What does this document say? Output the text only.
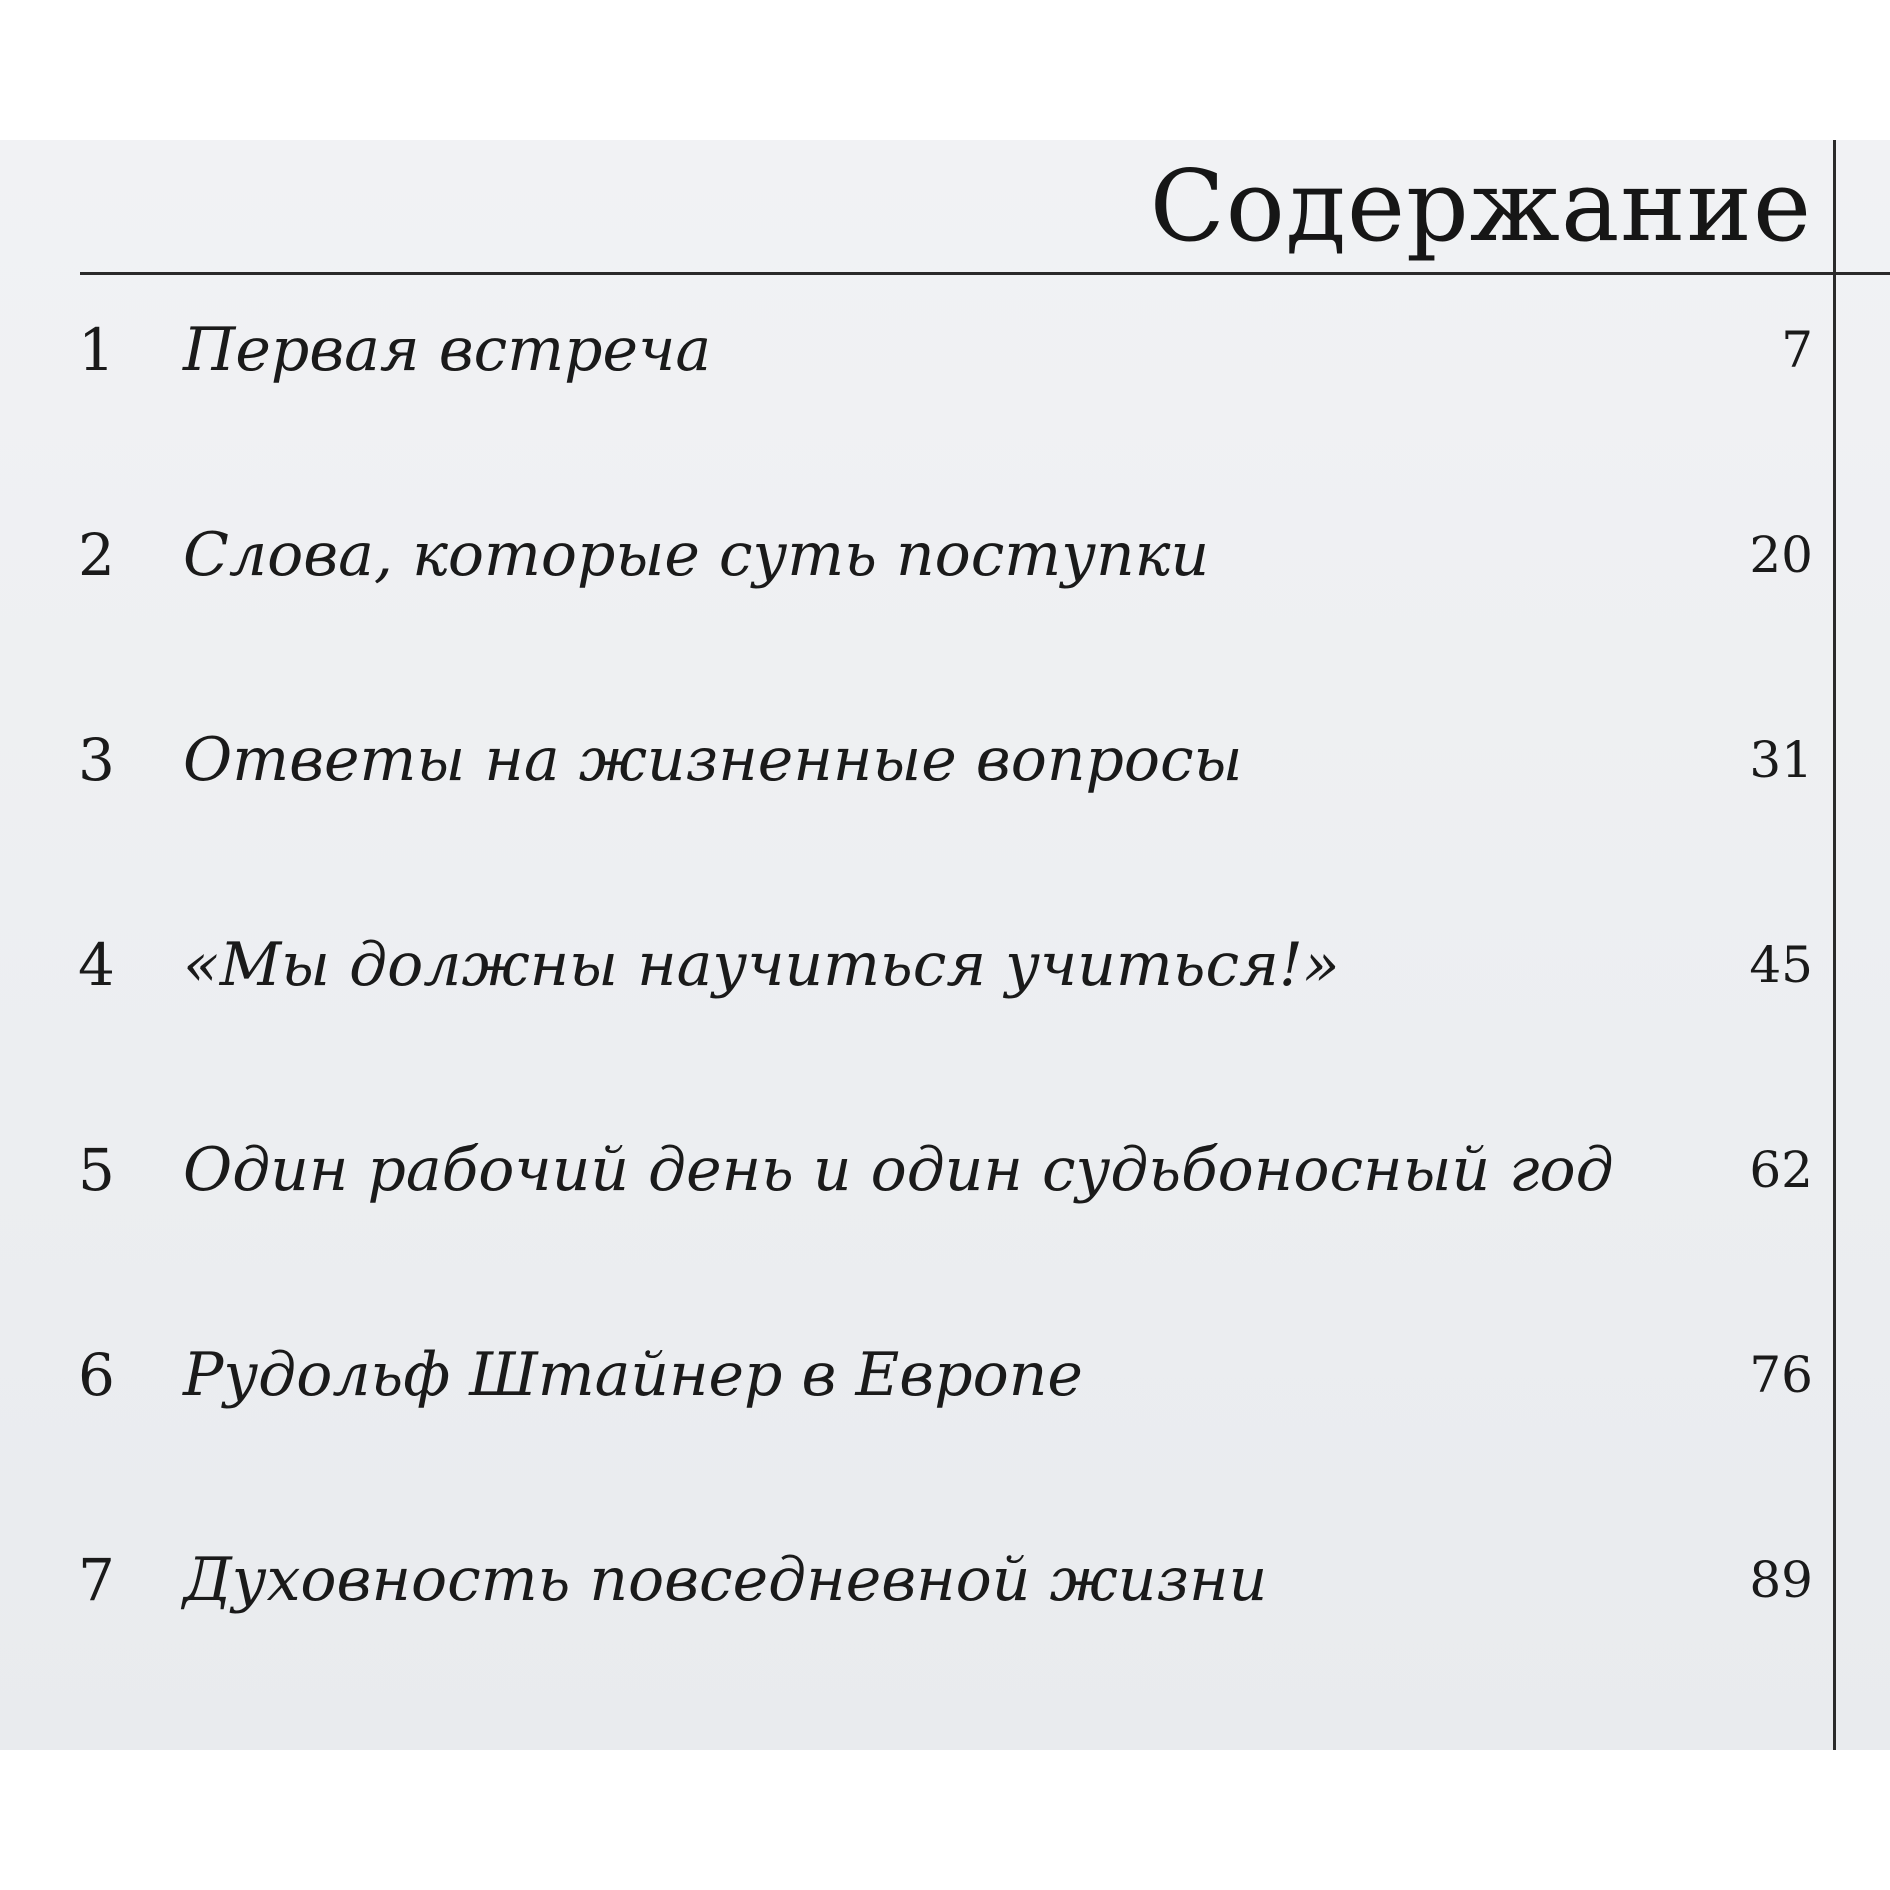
Содержание
1 Первая встреча	7
2 Слова, которые суть поступки	20
3 Ответы на жизненные вопросы	31
4 «Мы должны научиться учиться!»	45
5 Один рабочий день и один судьбоносный год	62
6 Рудольф Штайнер в Европе	76
7 Духовность повседневной жизни	89
